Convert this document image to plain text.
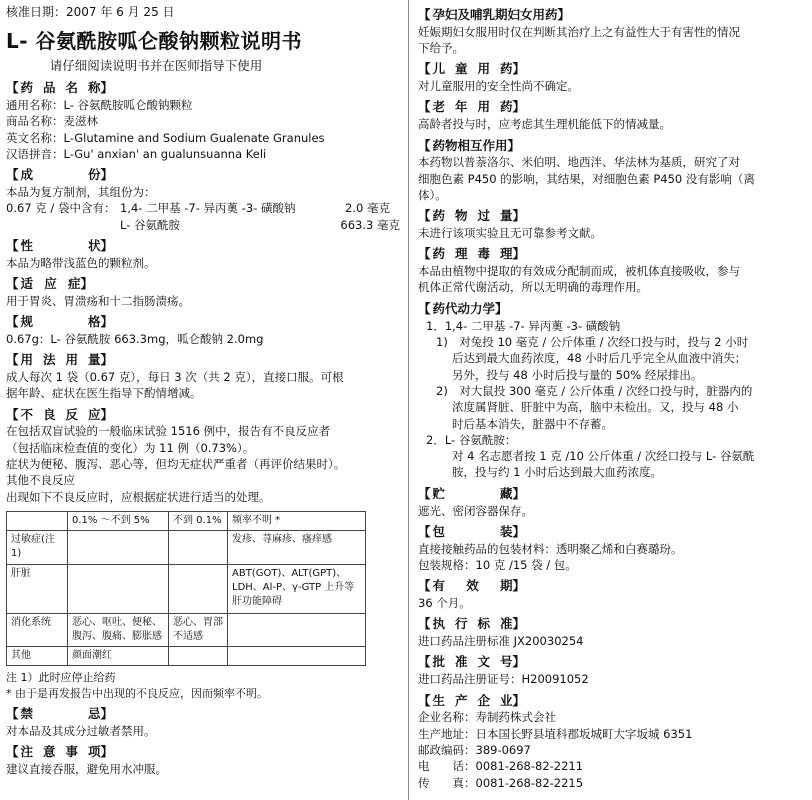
核准日期：2007 年 6 月 25 日
L- 谷氨酰胺呱仑酸钠颗粒说明书
请仔细阅读说明书并在医师指导下使用
【 药 品 名 称
】
通用名称：L- 谷氨酰胺呱仑酸钠颗粒
商品名称：麦滋林
英文名称：L-Glutamine and Sodium Gualenate Granules
汉语拼音：L-Gu' anxian' an gualunsuanna Keli
【 成	份
】
本品为复方制剂，其组份为：
0.67 克 / 袋中含有： 1,4- 二甲基 -7- 异丙薁 -3- 磺酸钠	2.0 毫克
L- 谷氨酰胺	663.3 毫克
【 性	状
】
本品为略带浅蓝色的颗粒剂。
【 适 应 症
】
用于胃炎、胃溃疡和十二指肠溃疡。
【 规	格
】
0.67g：L- 谷氨酰胺 663.3mg，呱仑酸钠 2.0mg
【 用 法 用 量
】
成人每次 1 袋（0.67 克），每日 3 次（共 2 克），直接口服。可根
据年龄、症状在医生指导下酌情增减。
【 不 良 反 应
】
在包括双盲试验的一般临床试验 1516 例中，报告有不良反应者
（包括临床检查值的变化）为 11 例（0.73%）。
症状为便秘、腹泻、恶心等，但均无症状严重者（再评价结果时）。
其他不良反应
出现如下不良反应时，应根据症状进行适当的处理。
	0.1% ～不到 5%	不到 0.1%	频率不明 *
过敏症(注1)			发疹、荨麻疹、瘙痒感
肝脏			ABT(GOT)、ALT(GPT)、LDH、Al-P、γ-GTP 上升等肝功能障碍
消化系统	恶心、呕吐、便秘、腹泻、腹痛、膨胀感	恶心、胃部不适感	
其他	颜面潮红		
注 1）此时应停止给药
* 由于是再发报告中出现的不良反应，因而频率不明。
【 禁	忌
】
对本品及其成分过敏者禁用。
【 注 意 事 项
】
建议直接吞服，避免用水冲服。
【 孕妇及哺乳期妇女用药
】
妊娠期妇女服用时仅在判断其治疗上之有益性大于有害性的情况
下给予。
【 儿 童 用 药
】
对儿童服用的安全性尚不确定。
【 老 年 用 药
】
高龄者投与时，应考虑其生理机能低下的情减量。
【 药物相互作用
】
本药物以普萘洛尔、米伯明、地西泮、华法林为基质，研究了对
细胞色素 P450 的影响，其结果，对细胞色素 P450 没有影响（离
体）。
【 药 物 过 量
】
未进行该项实验且无可靠参考文献。
【 药 理 毒 理
】
本品由植物中提取的有效成分配制而成，被机体直接吸收，参与
机体正常代谢活动，所以无明确的毒理作用。
【 药代动力学
】
1．1,4- 二甲基 -7- 异丙薁 -3- 磺酸钠
1)　对兔投 10 毫克 / 公斤体重 / 次经口投与时，投与 2 小时
后达到最大血药浓度，48 小时后几乎完全从血液中消失；
另外，投与 48 小时后投与量的 50% 经尿排出。
2)　对大鼠投 300 毫克 / 公斤体重 / 次经口投与时，脏器内的
浓度属肾脏、肝脏中为高，脑中未检出。又，投与 48 小
时后基本消失，脏器中不存蓄。
2．L- 谷氨酰胺：
对 4 名志愿者按 1 克 /10 公斤体重 / 次经口投与 L- 谷氨酰
胺，投与约 1 小时后达到最大血药浓度。
【 贮	藏
】
遮光、密闭容器保存。
【 包	装
】
直接接触药品的包装材料：透明聚乙烯和白赛璐玢。
包装规格：10 克 /15 袋 / 包。
【 有 效 期
】
36 个月。
【 执 行 标 准
】
进口药品注册标准 JX20030254
【 批 准 文 号
】
进口药品注册证号：H20091052
【 生 产 企 业
】
企业名称：寿制药株式会社
生产地址：日本国长野县埴科郡坂城町大字坂城 6351
邮政编码：389-0697
电　　话：0081-268-82-2211
传　　真：0081-268-82-2215
